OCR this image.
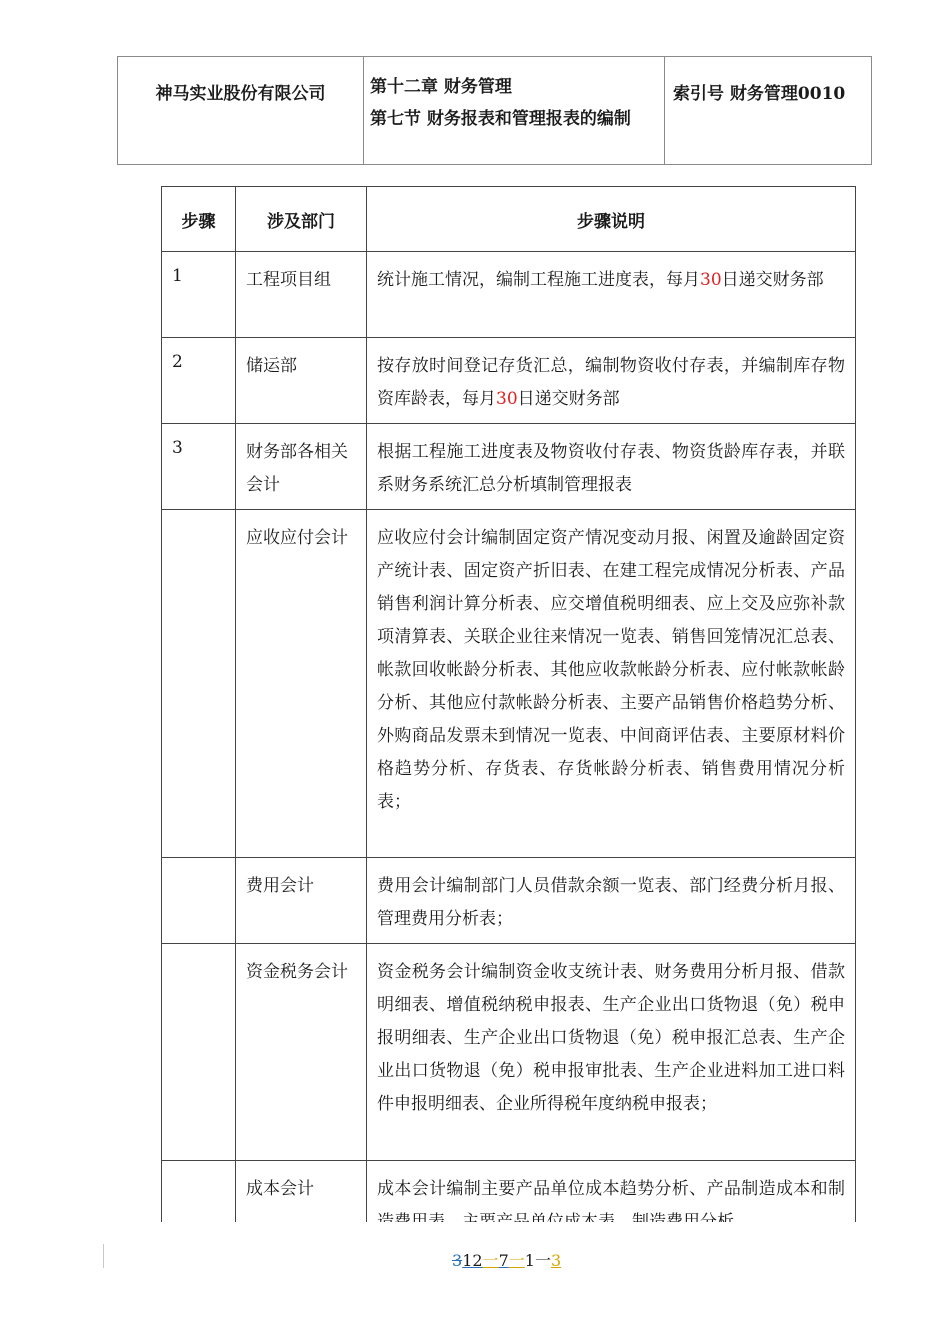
神马实业股份有限公司	第十二章 财务管理
第七节 财务报表和管理报表的编制
	索引号 财务管理0010
步骤	涉及部门	步骤说明
1	工程项目组	统计施工情况，编制工程施工进度表，每月30日递交财务部
2	储运部	按存放时间登记存货汇总，编制物资收付存表，并编制库存物资库龄表，每月30日递交财务部
3	财务部各相关会计	根据工程施工进度表及物资收付存表、物资货龄库存表，并联系财务系统汇总分析填制管理报表
	应收应付会计	应收应付会计编制固定资产情况变动月报、闲置及逾龄固定资产统计表、固定资产折旧表、在建工程完成情况分析表、产品销售利润计算分析表、应交增值税明细表、应上交及应弥补款项清算表、关联企业往来情况一览表、销售回笼情况汇总表、帐款回收帐龄分析表、其他应收款帐龄分析表、应付帐款帐龄分析、其他应付款帐龄分析表、主要产品销售价格趋势分析、外购商品发票未到情况一览表、中间商评估表、主要原材料价格趋势分析、存货表、存货帐龄分析表、销售费用情况分析表；
	费用会计	费用会计编制部门人员借款余额一览表、部门经费分析月报、管理费用分析表；
	资金税务会计	资金税务会计编制资金收支统计表、财务费用分析月报、借款明细表、增值税纳税申报表、生产企业出口货物退（免）税申报明细表、生产企业出口货物退（免）税申报汇总表、生产企业出口货物退（免）税申报审批表、生产企业进料加工进口料件申报明细表、企业所得税年度纳税申报表；
	成本会计	成本会计编制主要产品单位成本趋势分析、产品制造成本和制
312一7一1一3
